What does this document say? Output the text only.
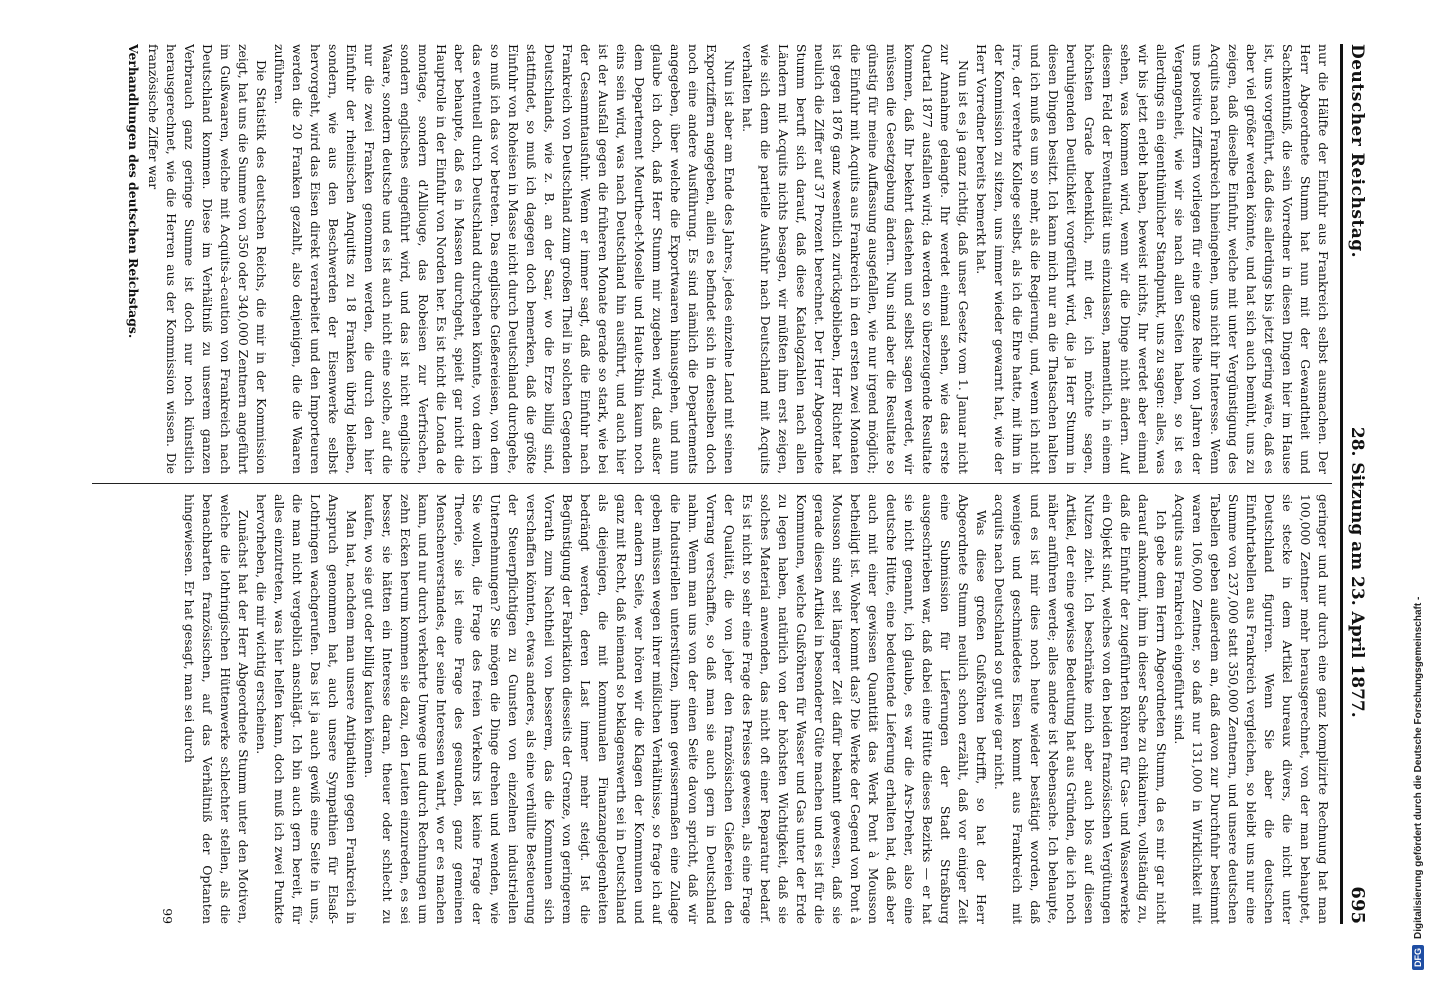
Deutscher Reichstag.
28. Sitzung am 23. April 1877.
695

nur die Hälfte der Einfuhr aus Frankreich selbst ausmachen. Der Herr Abgeordnete Stumm hat nun mit der Gewandtheit und Sachkenntniß, die sein Vorredner in diesen Dingen hier im Hause ist, uns vorgeführt, daß dies allerdings bis jetzt gering wäre, daß es aber viel größer werden könnte, und hat sich auch bemüht, uns zu zeigen, daß dieselbe Einfuhr, welche mit unter Vergünstigung des Acquits nach Frankreich hineingehen, uns nicht ihr Interesse. Wenn uns positive Ziffern vorliegen für eine ganze Reihe von Jahren der Vergangenheit, wie wir sie nach allen Seiten haben, so ist es allerdings ein eigenthümlicher Standpunkt, uns zu sagen: alles, was wir bis jetzt erlebt haben, beweist nichts, Ihr werdet aber einmal sehen, was kommen wird, wenn wir die Dinge nicht ändern. Auf diesem Feld der Eventualität uns einzulassen, namentlich, in einem höchsten Grade bedenklich, mit der, ich möchte sagen, beruhigenden Deutlichkeit vorgeführt wird, die ja Herr Stumm in diesen Dingen besitzt. Ich kann mich nur an die Thatsachen halten und ich muß es um so mehr, als die Regierung, und, wenn ich nicht irre, der verehrte Kollege selbst, als ich die Ehre hatte, mit ihm in der Kommission zu sitzen, uns immer wieder gewarnt hat, wie der Herr Vorredner bereits bemerkt hat.

Nun ist es ja ganz richtig, daß unser Gesetz vom 1. Januar nicht zur Annahme gelangte. Ihr werdet einmal sehen, wie das erste Quartal 1877 ausfallen wird; da werden so überzeugende Resultate kommen, daß Ihr bekehrt dastehen und selbst sagen werdet, wir müssen die Gesetzgebung ändern. Nun sind aber die Resultate so günstig für meine Auffassung ausgefallen, wie nur irgend möglich; die Einfuhr mit Acquits aus Frankreich in den ersten zwei Monaten ist gegen 1876 ganz wesentlich zurückgeblieben, Herr Richter hat neulich die Ziffer auf 37 Prozent berechnet. Der Herr Abgeordnete Stumm beruft sich darauf, daß diese Katalogzahlen nach allen Ländern mit Acquits nichts besagen, wir müßten ihm erst zeigen, wie sich denn die partielle Ausfuhr nach Deutschland mit Acquits verhalten hat.

Nun ist aber am Ende des Jahres, jedes einzelne Land mit seinen Exportziffern angegeben, allein es befindet sich in denselben doch noch eine andere Ausführung. Es sind nämlich die Departements angegeben, über welche die Exportwaaren hinausgehen, und nun glaube ich doch, daß Herr Stumm mir zugeben wird, daß außer dem Departement Meurthe-et-Moselle und Haute-Rhin kaum noch eins sein wird, was nach Deutschland hin ausführt, und auch hier ist der Ausfall gegen die früheren Monate gerade so stark, wie bei der Gesammtausfuhr. Wenn er immer sagt, daß die Einfuhr nach Frankreich von Deutschland zum großen Theil in solchen Gegenden Deutschlands, wie z. B. an der Saar, wo die Erze billig sind, stattfindet, so muß ich dagegen doch bemerken, daß die größte Einfuhr von Roheisen in Masse nicht durch Deutschland durchgehe, so muß ich das vor betreten. Das englische Gießereieisen, von dem das eventuell durch Deutschland durchgehen könnte, von dem ich aber behaupte, daß es in Massen durchgeht, spielt gar nicht die Hauptrolle in der Einfuhr von Norden her. Es ist nicht die Londa de montage, sondern d'Alliouge, das Robeisen zur Verfrischen, sondern englisches eingeführt wird, und das ist nicht englische Waare, sondern deutsche und es ist auch nicht eine solche, auf die nur die zwei Franken genommen werden, die durch den hier Einfuhr der rheinischen Anquitts zu 18 Franken übrig bleiben, sondern, wie aus den Beschwerden der Eisenwerke selbst hervorgeht, wird das Eisen direkt verarbeitet und den Importeuren werden die 20 Franken gezahlt, also denjenigen, die die Waaren zuführen.

Die Statistik des deutschen Reichs, die mir in der Kommission zeigt, hat uns die Summe von 350 oder 340,000 Zentnern angeführt im Gußwaaren, welche mit Acquits-à-caution von Frankreich nach Deutschland kommen. Diese im Verhältniß zu unserem ganzen Verbrauch ganz geringe Summe ist doch nur noch künstlich herausgerechnet, wie die Herren aus der Kommission wissen. Die französische Ziffer war

Verhandlungen des deutschen Reichstags.

geringer und nur durch eine ganz komplizirte Rechnung hat man 100,000 Zentner mehr herausgerechnet, von der man behauptet, sie stecke in dem Artikel bureaux divers, die nicht unter Deutschland figuriren. Wenn Sie aber die deutschen Einfuhrtabellen aus Frankreich vergleichen, so bleibt uns nur eine Summe von 237,000 statt 350,000 Zentnern, und unsere deutschen Tabellen geben außerdem an, daß davon zur Durchfuhr bestimmt waren 106,000 Zentner, so daß nur 131,000 in Wirklichkeit mit Acquits aus Frankreich eingeführt sind.

Ich gebe dem Herrn Abgeordneten Stumm, da es mir gar nicht darauf ankommt, ihm in dieser Sache zu chikaniren, vollständig zu, daß die Einfuhr der zugeführten Röhren für Gas- und Wasserwerke ein Objekt sind, welches von den beiden französischen Vergütungen Nutzen zieht. Ich beschränke mich aber auch blos auf diesen Artikel, der eine gewisse Bedeutung hat aus Gründen, die ich noch näher anführen werde; alles andere ist Nebensache. Ich behaupte, und es ist mir dies noch heute wieder bestätigt worden, daß weniges und geschmiedetes Eisen kommt aus Frankreich mit acquits nach Deutschland so gut wie gar nicht.

Was diese großen Gußröhren betrifft, so hat der Herr Abgeordnete Stumm neulich schon erzählt, daß vor einiger Zeit eine Submission für Lieferungen der Stadt Straßburg ausgeschrieben war, daß dabei eine Hütte dieses Bezirks — er hat sie nicht genannt, ich glaube, es war die Ars-Dreher, also eine deutsche Hütte, eine bedeutende Lieferung erhalten hat, daß aber auch mit einer gewissen Quantität das Werk Pont à Mousson betheiligt ist. Woher kommt das? Die Werke der Gegend von Pont à Mousson sind seit längerer Zeit dafür bekannt gewesen, daß sie gerade diesen Artikel in besonderer Güte machen und es ist für die Kommunen, welche Gußröhren für Wasser und Gas unter der Erde zu legen haben, natürlich von der höchsten Wichtigkeit, daß sie solches Material anwenden, das nicht oft einer Reparatur bedarf. Es ist nicht so sehr eine Frage des Preises gewesen, als eine Frage der Qualität, die von jeher den französischen Gießereien den Vorrang verschaffte, so daß man sie auch gern in Deutschland nahm. Wenn man uns von der einen Seite davon spricht, daß wir die Industriellen unterstützen, ihnen gewissermaßen eine Zulage geben müssen wegen ihrer mißlichen Verhältnisse, so frage ich auf der andern Seite, wer hören wir die Klagen der Kommunen und ganz mit Recht, daß niemand so beklagenswerth sei in Deutschland als diejenigen, die mit kommunalen Finanzangelegenheiten bedrängt werden, deren Last immer mehr steigt. Ist die Begünstigung der Fabrikation diesseits der Grenze, von geringerem Vorrath zum Nachtheil von besserem, das die Kommunen sich verschaffen könnten, etwas anderes, als eine verhüllte Besteuerung der Steuerpflichtigen zu Gunsten von einzelnen industriellen Unternehmungen? Sie mögen die Dinge drehen und wenden, wie Sie wollen, die Frage des freien Verkehrs ist keine Frage der Theorie, sie ist eine Frage des gesunden, ganz gemeinen Menschenverstandes, der seine Interessen wahrt, wo er es machen kann, und nur durch verkehrte Umwege und durch Rechnungen um zehn Ecken herum kommen sie dazu, den Leuten einzureden, es sei besser, sie hätten ein Interesse daran, theuer oder schlecht zu kaufen, wo sie gut oder billig kaufen können.

Man hat, nachdem man unsere Antipathien gegen Frankreich in Anspruch genommen hat, auch unsere Sympathien für Elsaß-Lothringen wachgerufen. Das ist ja auch gewiß eine Seite in uns, die man nicht vergeblich anschlägt. Ich bin auch gern bereit, für alles einzutreten, was hier helfen kann, doch muß ich zwei Punkte hervorheben, die mir wichtig erscheinen.

Zunächst hat der Herr Abgeordnete Stumm unter den Motiven, welche die lothringischen Hüttenwerke schlechter stellen, als die benachbarten französischen, auf das Verhältniß der Optanten hingewiesen. Er hat gesagt, man sei durch

99	Digitalisierung gefördert durch die Deutsche Forschungsgemeinschaft -
DFG
